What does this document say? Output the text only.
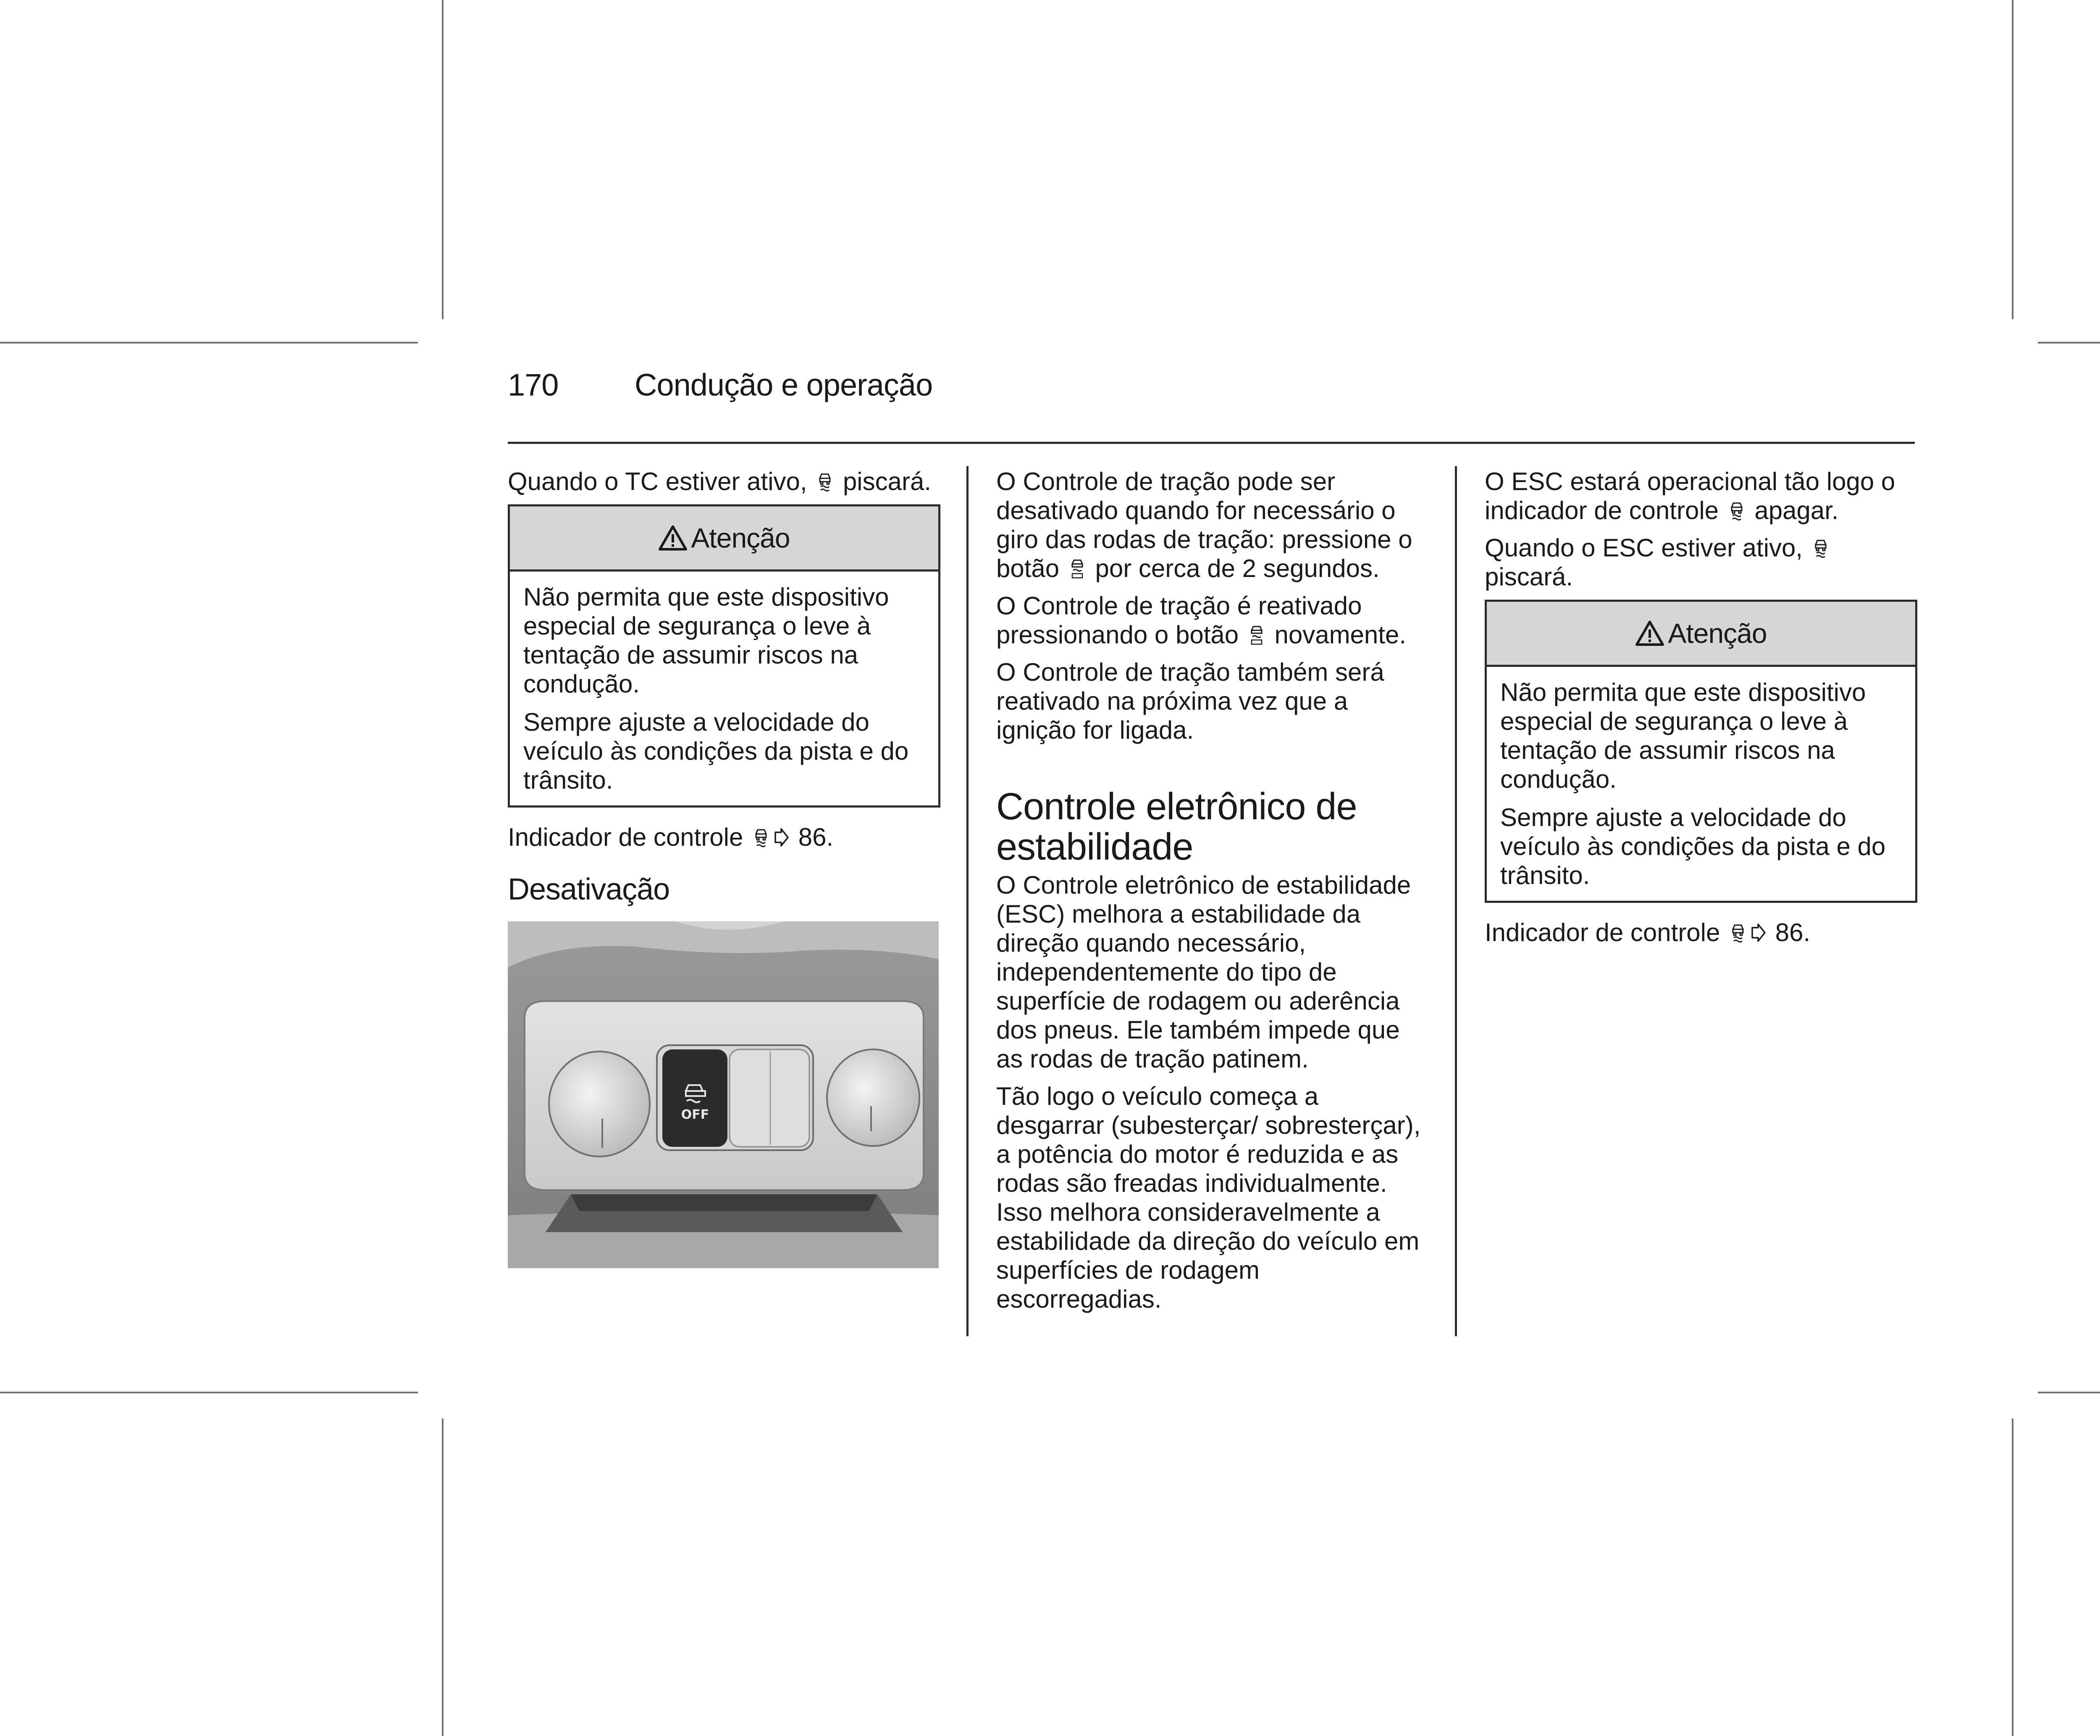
170 Condução e operação

Quando o TC estiver ativo, piscará.

Atenção

Não permita que este dispositivo especial de segurança o leve à tentação de assumir riscos na condução.

Sempre ajuste a velocidade do veículo às condições da pista e do trânsito.

Indicador de controle 86.

Desativação
OFF

O Controle de tração pode ser desativado quando for necessário o giro das rodas de tração: pressione o botão por cerca de 2 segundos.

O Controle de tração é reativado pressionando o botão novamente.

O Controle de tração também será reativado na próxima vez que a ignição for ligada.

Controle eletrônico de estabilidade

O Controle eletrônico de estabilidade (ESC) melhora a estabilidade da direção quando necessário, independentemente do tipo de superfície de rodagem ou aderência dos pneus. Ele também impede que as rodas de tração patinem.

Tão logo o veículo começa a desgarrar (subesterçar/ sobresterçar), a potência do motor é reduzida e as rodas são freadas individualmente. Isso melhora consideravelmente a estabilidade da direção do veículo em superfícies de rodagem escorregadias.

O ESC estará operacional tão logo o indicador de controle apagar.

Quando o ESC estiver ativo,  piscará.

Atenção

Não permita que este dispositivo especial de segurança o leve à tentação de assumir riscos na condução.

Sempre ajuste a velocidade do veículo às condições da pista e do trânsito.

Indicador de controle 86.
